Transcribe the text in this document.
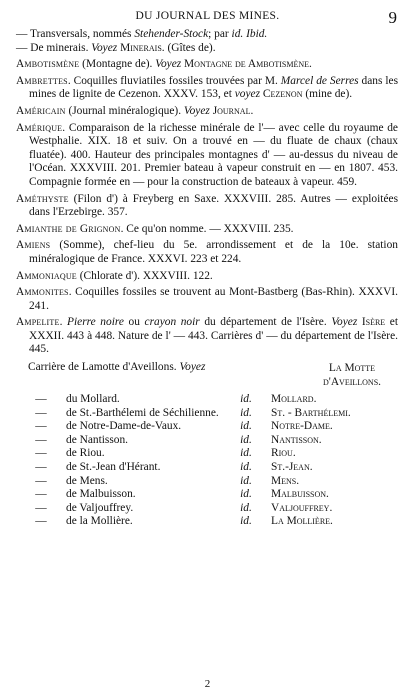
DU JOURNAL DES MINES.	9

— Transversals, nommés Stehender-Stock; par id. Ibid.

— De minerais. Voyez Minerais. (Gîtes de).

Ambotismène (Montagne de). Voyez Montagne de Ambotismène.

Ambrettes. Coquilles fluviatiles fossiles trouvées par M. Marcel de Serres dans les mines de lignite de Cezenon. XXXV. 153, et voyez Cezenon (mine de).

Américain (Journal minéralogique). Voyez Journal.

Amérique. Comparaison de la richesse minérale de l'— avec celle du royaume de Westphalie. XIX. 18 et suiv. On a trouvé en — du fluate de chaux (chaux fluatée). 400. Hauteur des principales montagnes d' — au-dessus du niveau de l'Océan. XXXVIII. 201. Premier bateau à vapeur construit en — en 1807. 453. Compagnie formée en — pour la construction de bateaux à vapeur. 459.

Améthyste (Filon d') à Freyberg en Saxe. XXXVIII. 285. Autres — exploitées dans l'Erzebirge. 357.

Amianthe de Grignon. Ce qu'on nomme. — XXXVIII. 235.

Amiens (Somme), chef-lieu du 5e. arrondissement et de la 10e. station minéralogique de France. XXXVI. 223 et 224.

Ammoniaque (Chlorate d'). XXXVIII. 122.

Ammonites. Coquilles fossiles se trouvent au Mont-Bastberg (Bas-Rhin). XXXVI. 241.

Ampelite. Pierre noire ou crayon noir du département de l'Isère. Voyez Isère et XXXII. 443 à 448. Nature de l' — 443. Carrières d' — du département de l'Isère. 445.

Carrière de Lamotte d'Aveillons. Voyez	La Motte
d'Aveillons.
—	du Mollard.	id.	Mollard.
—	de St.-Barthélemi de Séchilienne.	id.	St. - Barthélemi.
—	de Notre-Dame-de-Vaux.	id.	Notre-Dame.
—	de Nantisson.	id.	Nantisson.
—	de Riou.	id.	Riou.
—	de St.-Jean d'Hérant.	id.	St.-Jean.
—	de Mens.	id.	Mens.
—	de Malbuisson.	id.	Malbuisson.
—	de Valjouffrey.	id.	Valjouffrey.
—	de la Mollière.	id.	La Mollière.
2
